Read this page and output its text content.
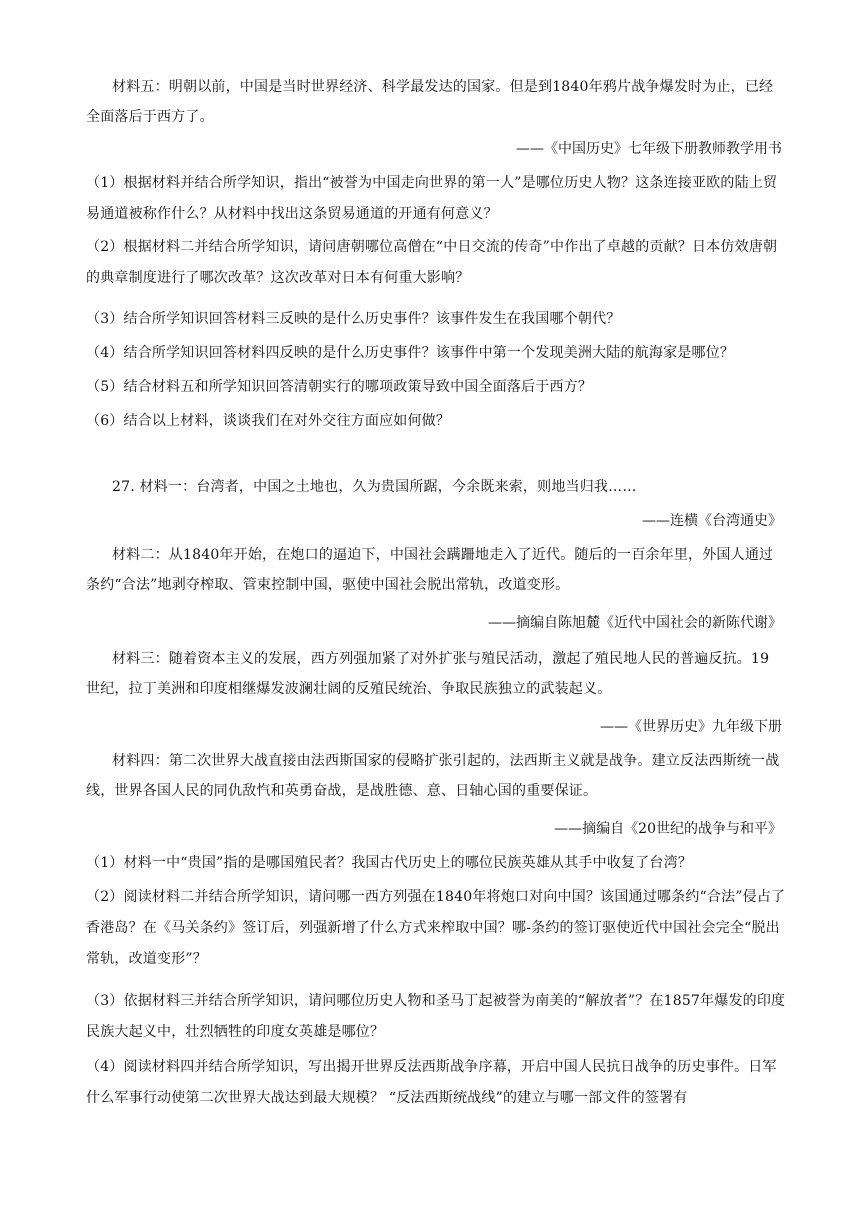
材料五：明朝以前，中国是当时世界经济、科学最发达的国家。但是到1840年鸦片战争爆发时为止，已经全面落后于西方了。

——《中国历史》七年级下册教师教学用书

（1）根据材料并结合所学知识，指出“被誉为中国走向世界的第一人”是哪位历史人物？这条连接亚欧的陆上贸易通道被称作什么？从材料中找出这条贸易通道的开通有何意义？

（2）根据材料二并结合所学知识，请问唐朝哪位高僧在“中日交流的传奇”中作出了卓越的贡献？日本仿效唐朝的典章制度进行了哪次改革？这次改革对日本有何重大影响？

（3）结合所学知识回答材料三反映的是什么历史事件？该事件发生在我国哪个朝代？

（4）结合所学知识回答材料四反映的是什么历史事件？该事件中第一个发现美洲大陆的航海家是哪位？

（5）结合材料五和所学知识回答清朝实行的哪项政策导致中国全面落后于西方？

（6）结合以上材料，谈谈我们在对外交往方面应如何做？

27. 材料一：台湾者，中国之土地也，久为贵国所踞，今余既来索，则地当归我……

——连横《台湾通史》

材料二：从1840年开始，在炮口的逼迫下，中国社会蹒跚地走入了近代。随后的一百余年里，外国人通过条约“合法”地剥夺榨取、管束控制中国，驱使中国社会脱出常轨，改道变形。

——摘编自陈旭麓《近代中国社会的新陈代谢》

材料三：随着资本主义的发展，西方列强加紧了对外扩张与殖民活动，激起了殖民地人民的普遍反抗。19世纪，拉丁美洲和印度相继爆发波澜壮阔的反殖民统治、争取民族独立的武装起义。

——《世界历史》九年级下册

材料四：第二次世界大战直接由法西斯国家的侵略扩张引起的，法西斯主义就是战争。建立反法西斯统一战线，世界各国人民的同仇敌忾和英勇奋战，是战胜德、意、日轴心国的重要保证。

——摘编自《20世纪的战争与和平》

（1）材料一中“贵国”指的是哪国殖民者？我国古代历史上的哪位民族英雄从其手中收复了台湾？

（2）阅读材料二并结合所学知识，请问哪一西方列强在1840年将炮口对向中国？该国通过哪条约“合法”侵占了香港岛？在《马关条约》签订后，列强新增了什么方式来榨取中国？哪-条约的签订驱使近代中国社会完全“脱出常轨，改道变形”？

（3）依据材料三并结合所学知识，请问哪位历史人物和圣马丁起被誉为南美的“解放者”？在1857年爆发的印度民族大起义中，壮烈牺牲的印度女英雄是哪位？

（4）阅读材料四并结合所学知识，写出揭开世界反法西斯战争序幕，开启中国人民抗日战争的历史事件。日军什么军事行动使第二次世界大战达到最大规模？ “反法西斯统战线”的建立与哪一部文件的签署有
